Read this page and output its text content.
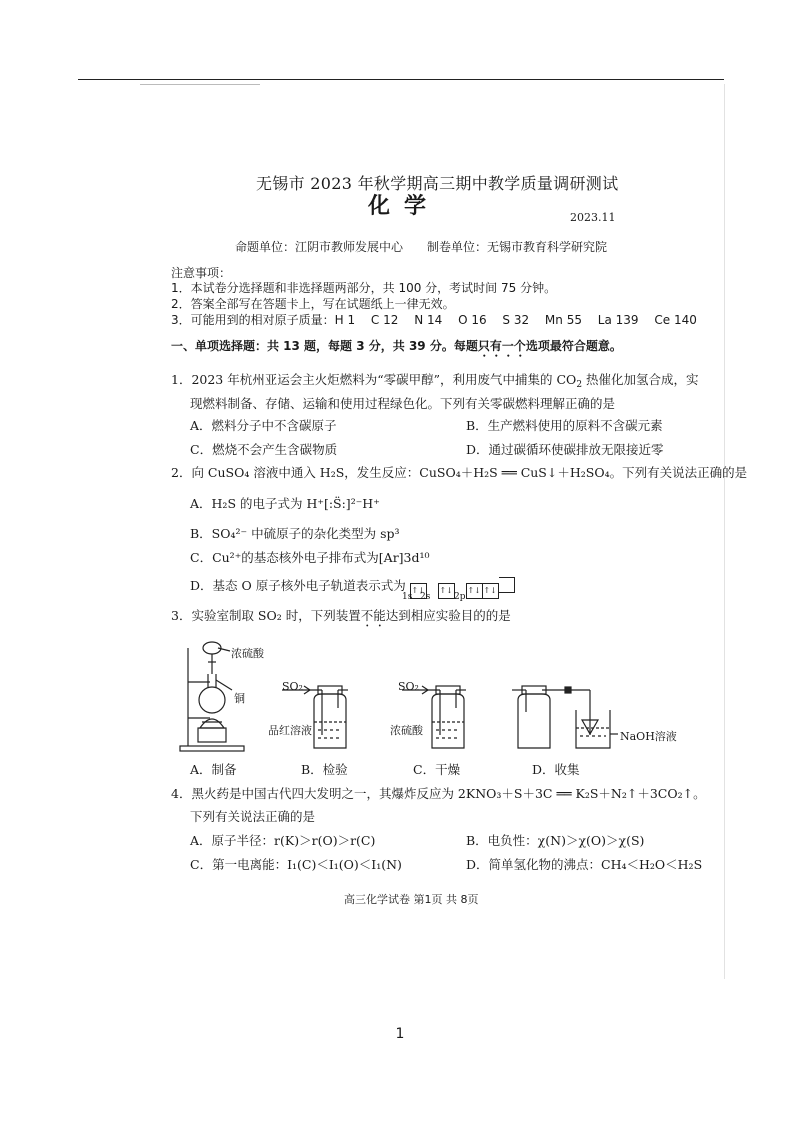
无锡市 2023 年秋学期高三期中教学质量调研测试
化学	2023.11
命题单位：江阴市教师发展中心　　制卷单位：无锡市教育科学研究院
注意事项：
1．本试卷分选择题和非选择题两部分，共 100 分，考试时间 75 分钟。
2．答案全部写在答题卡上，写在试题纸上一律无效。
3．可能用到的相对原子质量：H 1　 C 12　 N 14　 O 16　 S 32　 Mn 55　 La 139　 Ce 140
一、单项选择题：共 13 题，每题 3 分，共 39 分。每题只有一个选项最符合题意。
1．2023 年杭州亚运会主火炬燃料为“零碳甲醇”，利用废气中捕集的 $CO_2$ 热催化加氢合成，实
现燃料制备、存储、运输和使用过程绿色化。下列有关零碳燃料理解正确的是
A．燃料分子中不含碳原子	B．生产燃料使用的原料不含碳元素
C．燃烧不会产生含碳物质	D．通过碳循环使碳排放无限接近零
2．向 CuSO₄ 溶液中通入 H₂S，发生反应：CuSO₄＋H₂S ══ CuS↓＋H₂SO₄。下列有关说法正确的是
A．H₂S 的电子式为 H⁺[:S̈:]²⁻H⁺
B．SO₄²⁻ 中硫原子的杂化类型为 sp³
C．Cu²⁺的基态核外电子排布式为[Ar]3d¹⁰
D．基态 O 原子核外电子轨道表示式为 ↑↓ ↑↓ ↑↓ ↑↓
1s 2s	2p
3．实验室制取 SO₂ 时，下列装置不能达到相应实验目的的是
浓硫酸
铜
SO₂	SO₂
品红溶液	浓硫酸	NaOH溶液
A．制备	B．检验	C．干燥	D．收集
4．黑火药是中国古代四大发明之一，其爆炸反应为 2KNO₃＋S＋3C ══ K₂S＋N₂↑＋3CO₂↑。
下列有关说法正确的是
A．原子半径：r(K)＞r(O)＞r(C)	B．电负性：χ(N)＞χ(O)＞χ(S)
C．第一电离能：I₁(C)＜I₁(O)＜I₁(N)	D．简单氢化物的沸点：CH₄＜H₂O＜H₂S
高三化学试卷 第1页 共 8页
1
